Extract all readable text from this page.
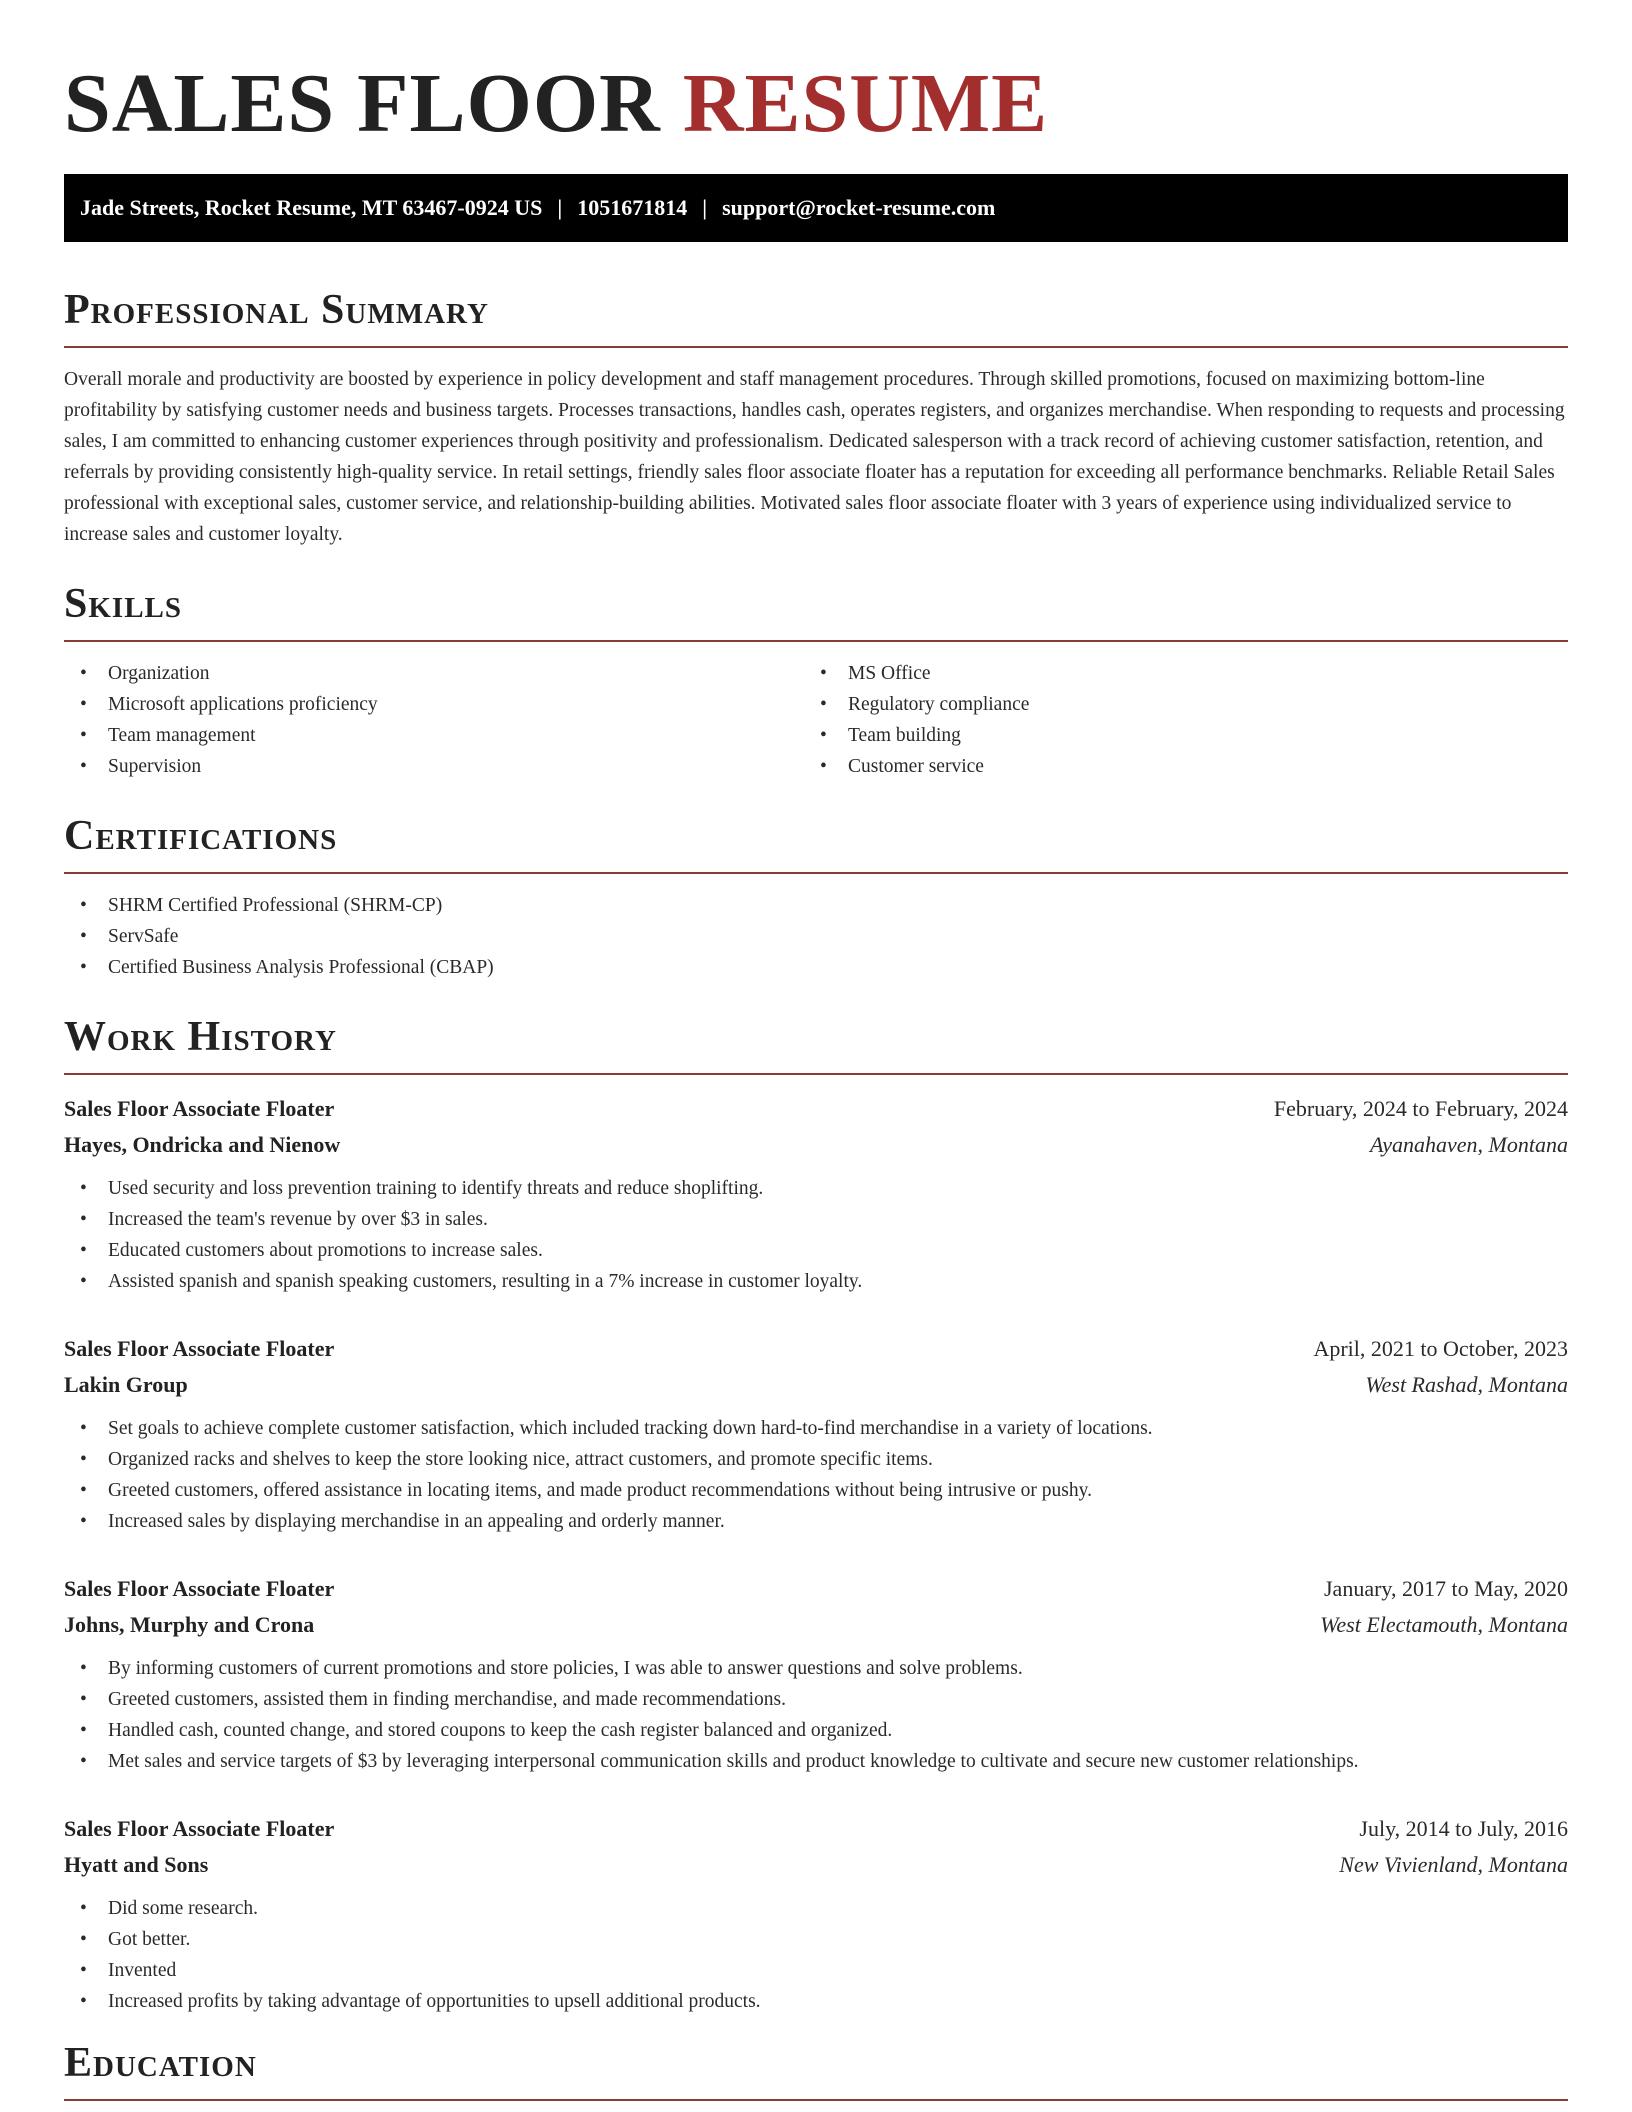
SALES FLOOR RESUME
Jade Streets, Rocket Resume, MT 63467-0924 US | 1051671814 | support@rocket-resume.com
Professional Summary

Overall morale and productivity are boosted by experience in policy development and staff management procedures. Through skilled promotions, focused on maximizing bottom-line profitability by satisfying customer needs and business targets. Processes transactions, handles cash, operates registers, and organizes merchandise. When responding to requests and processing sales, I am committed to enhancing customer experiences through positivity and professionalism. Dedicated salesperson with a track record of achieving customer satisfaction, retention, and referrals by providing consistently high-quality service. In retail settings, friendly sales floor associate floater has a reputation for exceeding all performance benchmarks. Reliable Retail Sales professional with exceptional sales, customer service, and relationship-building abilities. Motivated sales floor associate floater with 3 years of experience using individualized service to increase sales and customer loyalty.

Skills
• Organization
• Microsoft applications proficiency
• Team management
• Supervision
• MS Office
• Regulatory compliance
• Team building
• Customer service
Certifications
• SHRM Certified Professional (SHRM-CP)
• ServSafe
• Certified Business Analysis Professional (CBAP)
Work History
Sales Floor Associate Floater	February, 2024 to February, 2024
Hayes, Ondricka and Nienow	Ayanahaven, Montana
• Used security and loss prevention training to identify threats and reduce shoplifting.
• Increased the team's revenue by over $3 in sales.
• Educated customers about promotions to increase sales.
• Assisted spanish and spanish speaking customers, resulting in a 7% increase in customer loyalty.
Sales Floor Associate Floater	April, 2021 to October, 2023
Lakin Group	West Rashad, Montana
• Set goals to achieve complete customer satisfaction, which included tracking down hard-to-find merchandise in a variety of locations.
• Organized racks and shelves to keep the store looking nice, attract customers, and promote specific items.
• Greeted customers, offered assistance in locating items, and made product recommendations without being intrusive or pushy.
• Increased sales by displaying merchandise in an appealing and orderly manner.
Sales Floor Associate Floater	January, 2017 to May, 2020
Johns, Murphy and Crona	West Electamouth, Montana
• By informing customers of current promotions and store policies, I was able to answer questions and solve problems.
• Greeted customers, assisted them in finding merchandise, and made recommendations.
• Handled cash, counted change, and stored coupons to keep the cash register balanced and organized.
• Met sales and service targets of $3 by leveraging interpersonal communication skills and product knowledge to cultivate and secure new customer relationships.
Sales Floor Associate Floater	July, 2014 to July, 2016
Hyatt and Sons	New Vivienland, Montana
• Did some research.
• Got better.
• Invented
• Increased profits by taking advantage of opportunities to upsell additional products.
Education
